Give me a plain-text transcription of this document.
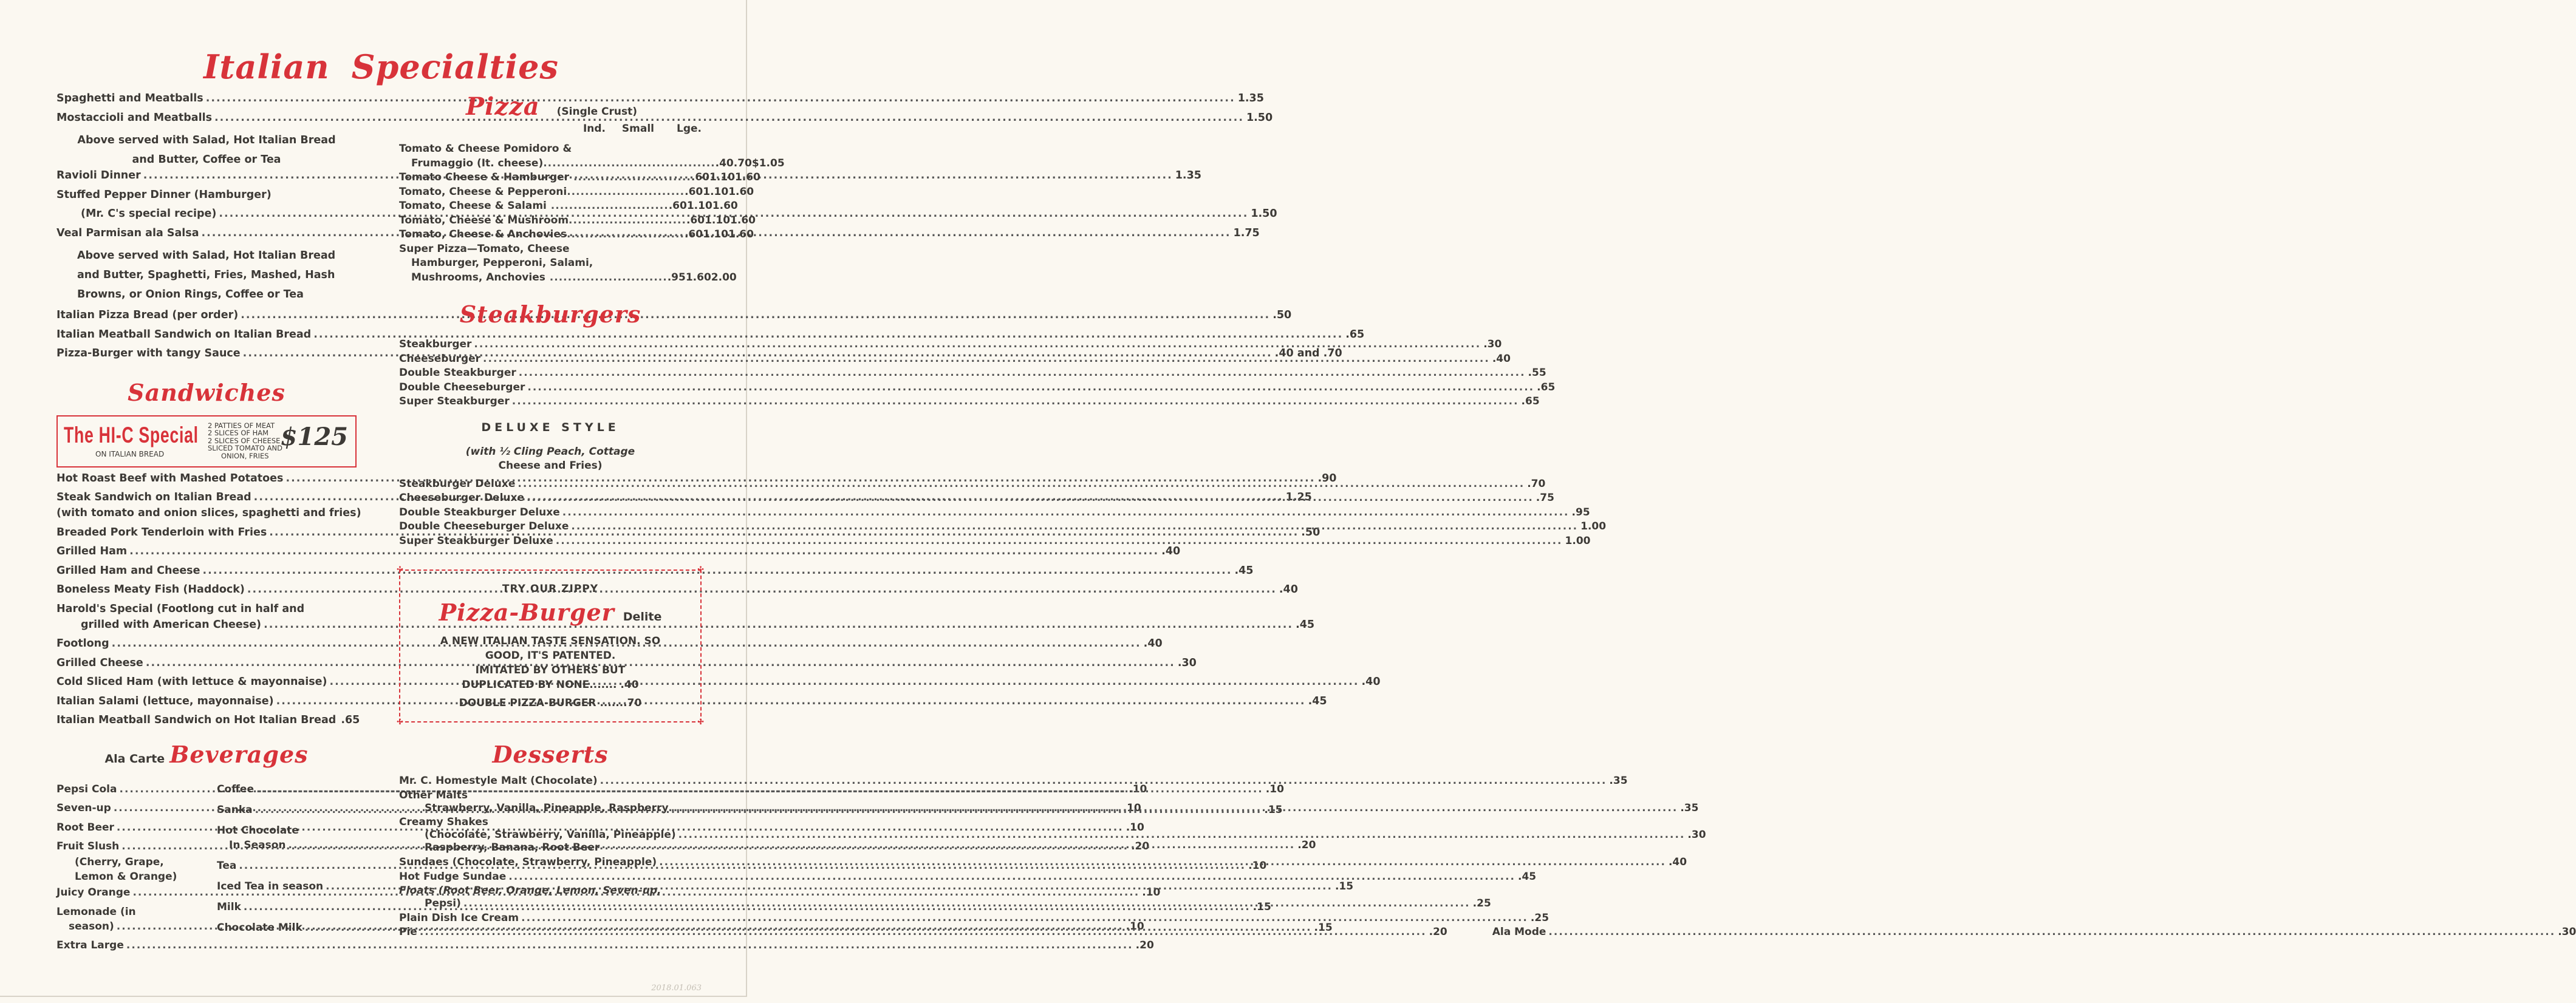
Italian Specialties
Spaghetti and Meatballs .....	1.35
Mostaccioli and Meatballs .....	1.50
Above served with Salad, Hot Italian Bread
and Butter, Coffee or Tea
Ravioli Dinner .....	1.35
Stuffed Pepper Dinner (Hamburger)
(Mr. C's special recipe) .....	1.50
Veal Parmisan ala Salsa .....	1.75
Above served with Salad, Hot Italian Bread
and Butter, Spaghetti, Fries, Mashed, Hash
Browns, or Onion Rings, Coffee or Tea
Italian Pizza Bread (per order) .....	.50
Italian Meatball Sandwich on Italian Bread .....	.65
Pizza-Burger with tangy Sauce .....	.40 and .70
Sandwiches
The HI-C Special
ON ITALIAN BREAD
2 PATTIES OF MEAT
2 SLICES OF HAM
2 SLICES OF CHEESE
SLICED TOMATO AND
ONION, FRIES
$125
Hot Roast Beef with Mashed Potatoes .....	.90
Steak Sandwich on Italian Bread .....	1.25
(with tomato and onion slices, spaghetti and fries)
Breaded Pork Tenderloin with Fries .....	.50
Grilled Ham .....	.40
Grilled Ham and Cheese .....	.45
Boneless Meaty Fish (Haddock) .....	.40
Harold's Special (Footlong cut in half and
grilled with American Cheese) .....	.45
Footlong .....	.40
Grilled Cheese .....	.30
Cold Sliced Ham (with lettuce & mayonnaise) .....	.40
Italian Salami (lettuce, mayonnaise) .....	.45
Italian Meatball Sandwich on Hot Italian Bread .65
Ala Carte Beverages
Pepsi Cola .....	.10
Seven-up .....	.10
Root Beer .....	.10
Fruit Slush .....	.20
(Cherry, Grape,
Lemon & Orange)
Juicy Orange .....	.10
Lemonade (in
season) .....	.10
Extra Large .....	.20
Coffee .....	.10
Sanka .....	.15
Hot Chocolate
In Season .....	.20
Tea .....	.10
Iced Tea in season .....	.15
Milk .....	.15
Chocolate Milk .....	.15
Pizza (Single Crust)
Ind.	Small	Lge.
Tomato & Cheese Pomidoro &
Frumaggio (It. cheese)...................................... .40 .70 $1.05
Tomato Cheese & Hamburger .......................... .60 1.10 1.60
Tomato, Cheese & Pepperoni.......................... .60 1.10 1.60
Tomato, Cheese & Salami .......................... .60 1.10 1.60
Tomato, Cheese & Mushroom.......................... .60 1.10 1.60
Tomato, Cheese & Anchovies.......................... .60 1.10 1.60
Super Pizza—Tomato, Cheese
Hamburger, Pepperoni, Salami,
Mushrooms, Anchovies .......................... .95 1.60 2.00
Steakburgers
Steakburger .....	.30
Cheeseburger .....	.40
Double Steakburger .....	.55
Double Cheeseburger .....	.65
Super Steakburger .....	.65
DELUXE STYLE
(with ½ Cling Peach, Cottage
Cheese and Fries)
Steakburger Deluxe .....	.70
Cheeseburger Deluxe .....	.75
Double Steakburger Deluxe .....	.95
Double Cheeseburger Deluxe .....	1.00
Super Steakburger Deluxe .....	1.00
✣	✣
✣	✣
TRY OUR ZIPPY
Pizza-Burger Delite
A NEW ITALIAN TASTE SENSATION. SO
GOOD, IT'S PATENTED.
IMITATED BY OTHERS BUT
DUPLICATED BY NONE....... .40
DOUBLE PIZZA-BURGER .......70
Desserts
Mr. C. Homestyle Malt (Chocolate) .....	.35
Other Malts
Strawberry, Vanilla, Pineapple, Raspberry .....	.35
Creamy Shakes
(Chocolate, Strawberry, Vanilla, Pineapple) .....	.30
Raspberry, Banana, Root Beer
Sundaes (Chocolate, Strawberry, Pineapple) .....	.40
Hot Fudge Sundae .....	.45
Floats (Root Beer, Orange, Lemon, Seven-up,
Pepsi) .....	.25
Plain Dish Ice Cream .....	.25
Pie .....	.20	Ala Mode .....	.30
2018.01.063
